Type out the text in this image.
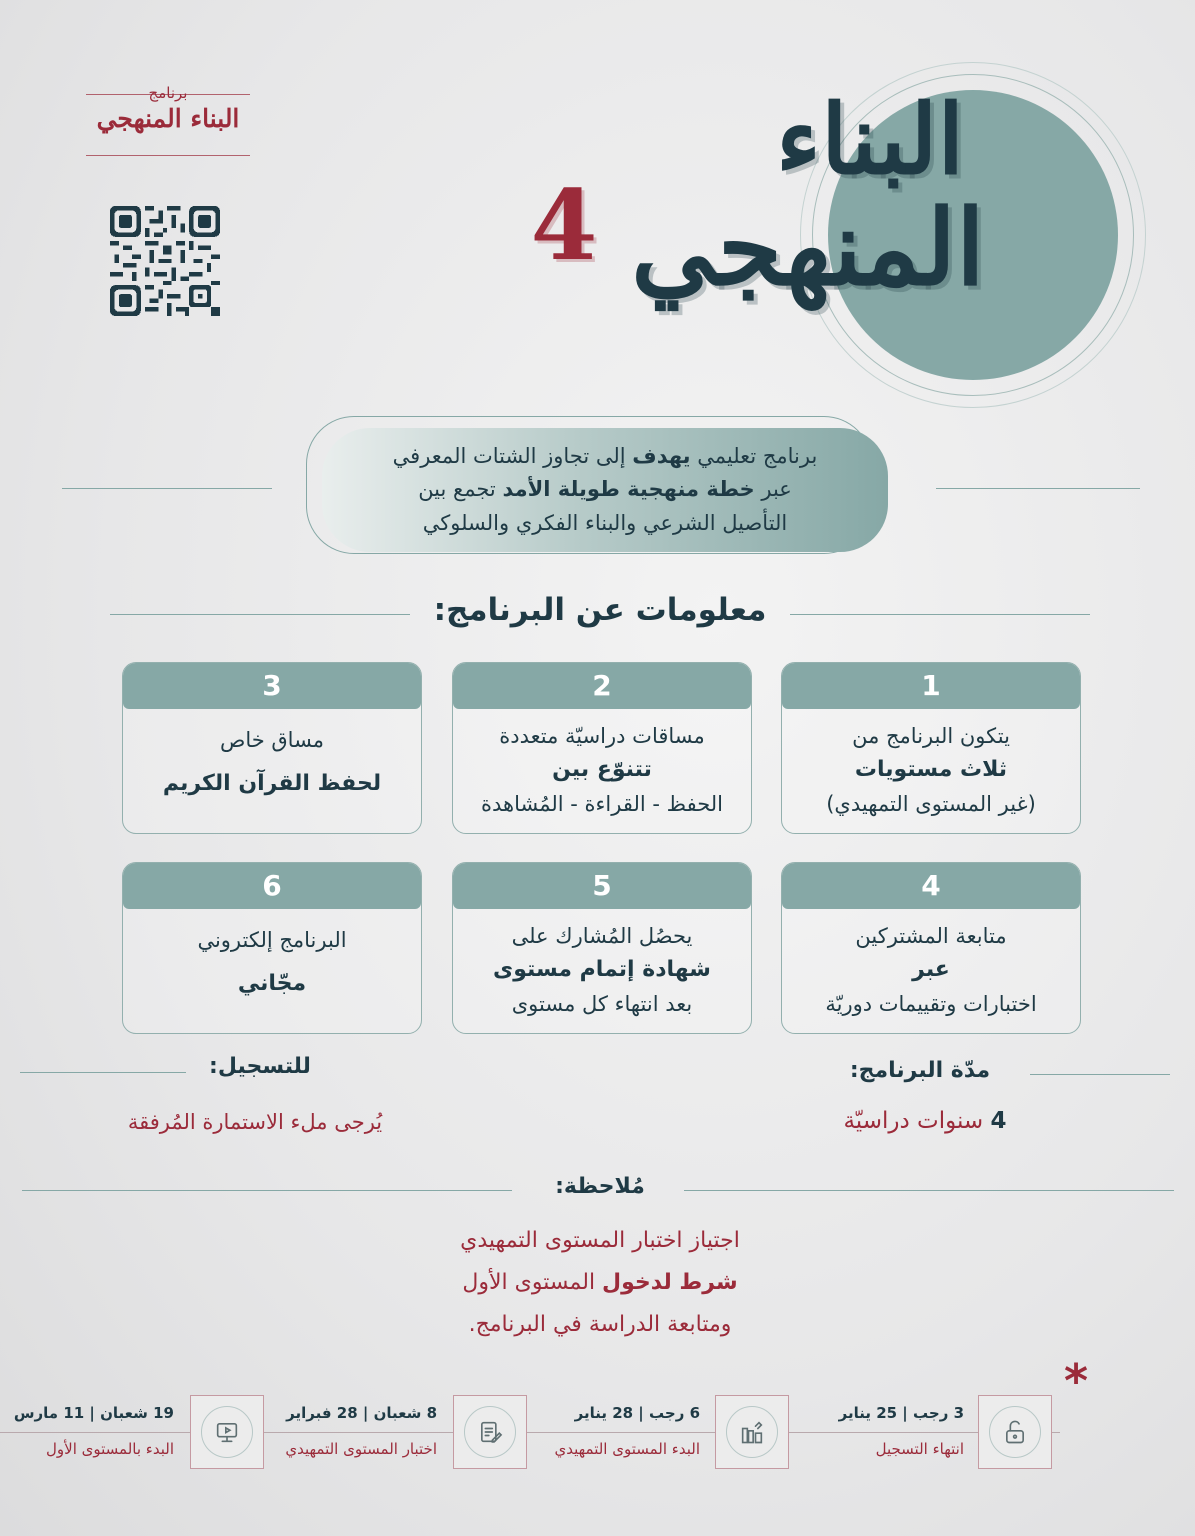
برنامج
البناء المنهجي	البناء
المنهجي
4

برنامج تعليمي يهدف إلى تجاوز الشتات المعرفي

عبر خطة منهجية طويلة الأمد تجمع بين

التأصيل الشرعي والبناء الفكري والسلوكي

معلومات عن البرنامج:
1
يتكون البرنامج من
ثلاث مستويات
(غير المستوى التمهيدي)
2
مساقات دراسيّة متعددة
تتنوّع بين
الحفظ - القراءة - المُشاهدة
3
مساق خاص
لحفظ القرآن الكريم
4
متابعة المشتركين
عبر
اختبارات وتقييمات دوريّة
5
يحصُل المُشارك على
شهادة إتمام مستوى
بعد انتهاء كل مستوى
6
البرنامج إلكتروني
مجّاني
مدّة البرنامج:
4 سنوات دراسيّة
للتسجيل:
يُرجى ملء الاستمارة المُرفقة
مُلاحظة:

اجتياز اختبار المستوى التمهيدي

شرط لدخول المستوى الأول

ومتابعة الدراسة في البرنامج.

*
3 رجب | 25 يناير
انتهاء التسجيل
6 رجب | 28 يناير
البدء المستوى التمهيدي
8 شعبان | 28 فبراير
اختبار المستوى التمهيدي
19 شعبان | 11 مارس
البدء بالمستوى الأول
